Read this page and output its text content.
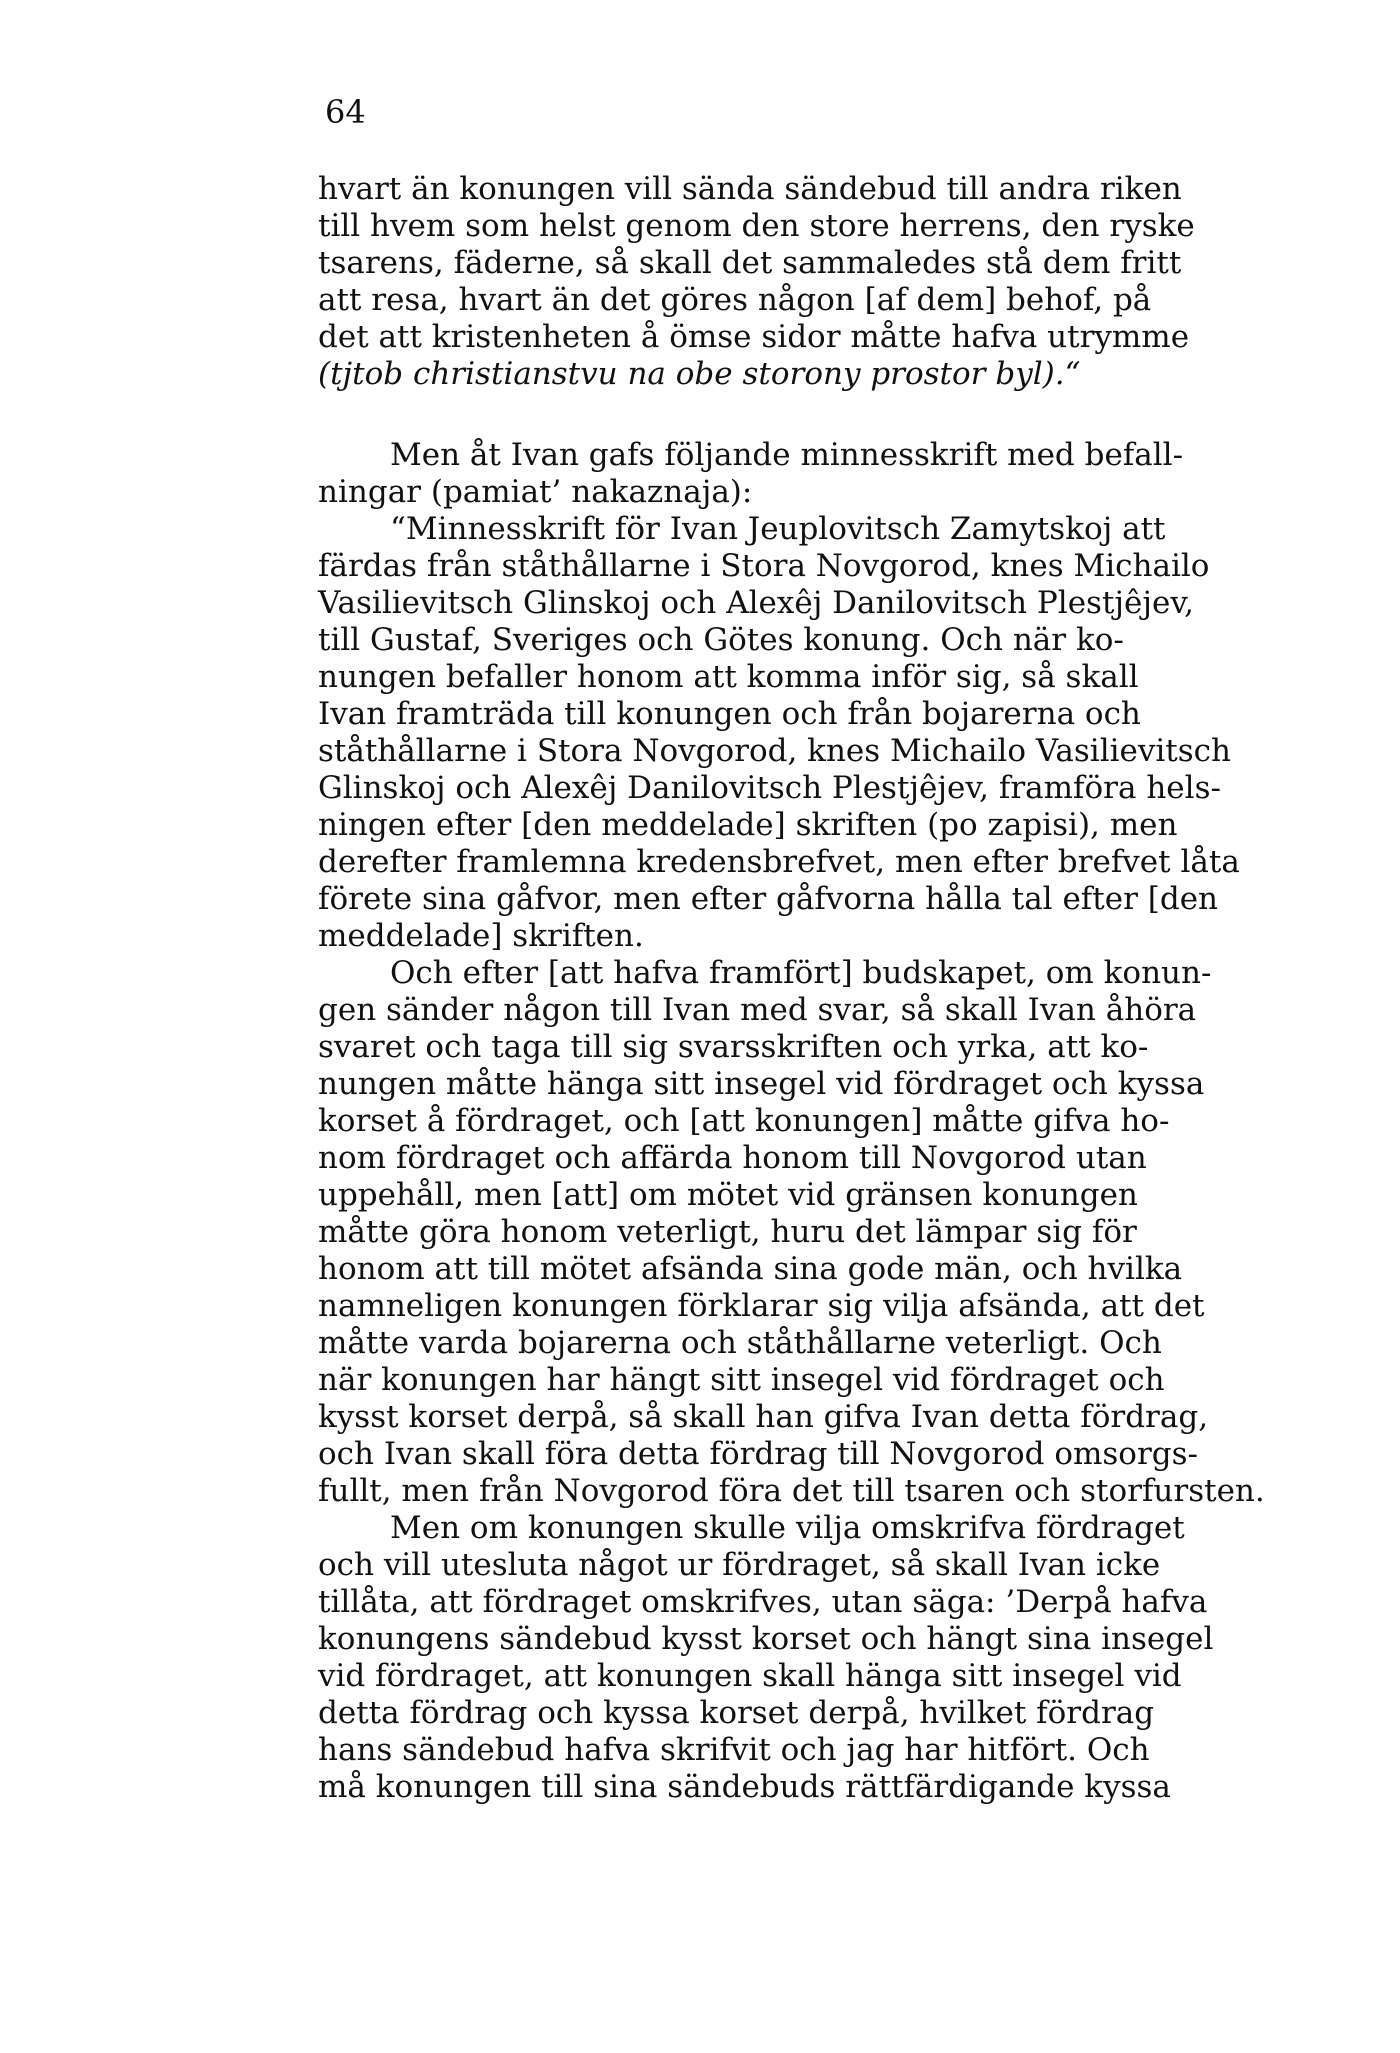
64
hvart än konungen vill sända sändebud till andra riken
till hvem som helst genom den store herrens, den ryske
tsarens, fäderne, så skall det sammaledes stå dem fritt
att resa, hvart än det göres någon [af dem] behof, på
det att kristenheten å ömse sidor måtte hafva utrymme
(tjtob christianstvu na obe storony prostor byl).“
Men åt Ivan gafs följande minnesskrift med befall-
ningar (pamiat’ nakaznaja):
“Minnesskrift för Ivan Jeuplovitsch Zamytskoj att
färdas från ståthållarne i Stora Novgorod, knes Michailo
Vasilievitsch Glinskoj och Alexêj Danilovitsch Plestjêjev,
till Gustaf, Sveriges och Götes konung. Och när ko-
nungen befaller honom att komma inför sig, så skall
Ivan framträda till konungen och från bojarerna och
ståthållarne i Stora Novgorod, knes Michailo Vasilievitsch
Glinskoj och Alexêj Danilovitsch Plestjêjev, framföra hels-
ningen efter [den meddelade] skriften (po zapisi), men
derefter framlemna kredensbrefvet, men efter brefvet låta
förete sina gåfvor, men efter gåfvorna hålla tal efter [den
meddelade] skriften.
Och efter [att hafva framfört] budskapet, om konun-
gen sänder någon till Ivan med svar, så skall Ivan åhöra
svaret och taga till sig svarsskriften och yrka, att ko-
nungen måtte hänga sitt insegel vid fördraget och kyssa
korset å fördraget, och [att konungen] måtte gifva ho-
nom fördraget och affärda honom till Novgorod utan
uppehåll, men [att] om mötet vid gränsen konungen
måtte göra honom veterligt, huru det lämpar sig för
honom att till mötet afsända sina gode män, och hvilka
namneligen konungen förklarar sig vilja afsända, att det
måtte varda bojarerna och ståthållarne veterligt. Och
när konungen har hängt sitt insegel vid fördraget och
kysst korset derpå, så skall han gifva Ivan detta fördrag,
och Ivan skall föra detta fördrag till Novgorod omsorgs-
fullt, men från Novgorod föra det till tsaren och storfursten.
Men om konungen skulle vilja omskrifva fördraget
och vill utesluta något ur fördraget, så skall Ivan icke
tillåta, att fördraget omskrifves, utan säga: ’Derpå hafva
konungens sändebud kysst korset och hängt sina insegel
vid fördraget, att konungen skall hänga sitt insegel vid
detta fördrag och kyssa korset derpå, hvilket fördrag
hans sändebud hafva skrifvit och jag har hitfört. Och
må konungen till sina sändebuds rättfärdigande kyssa
